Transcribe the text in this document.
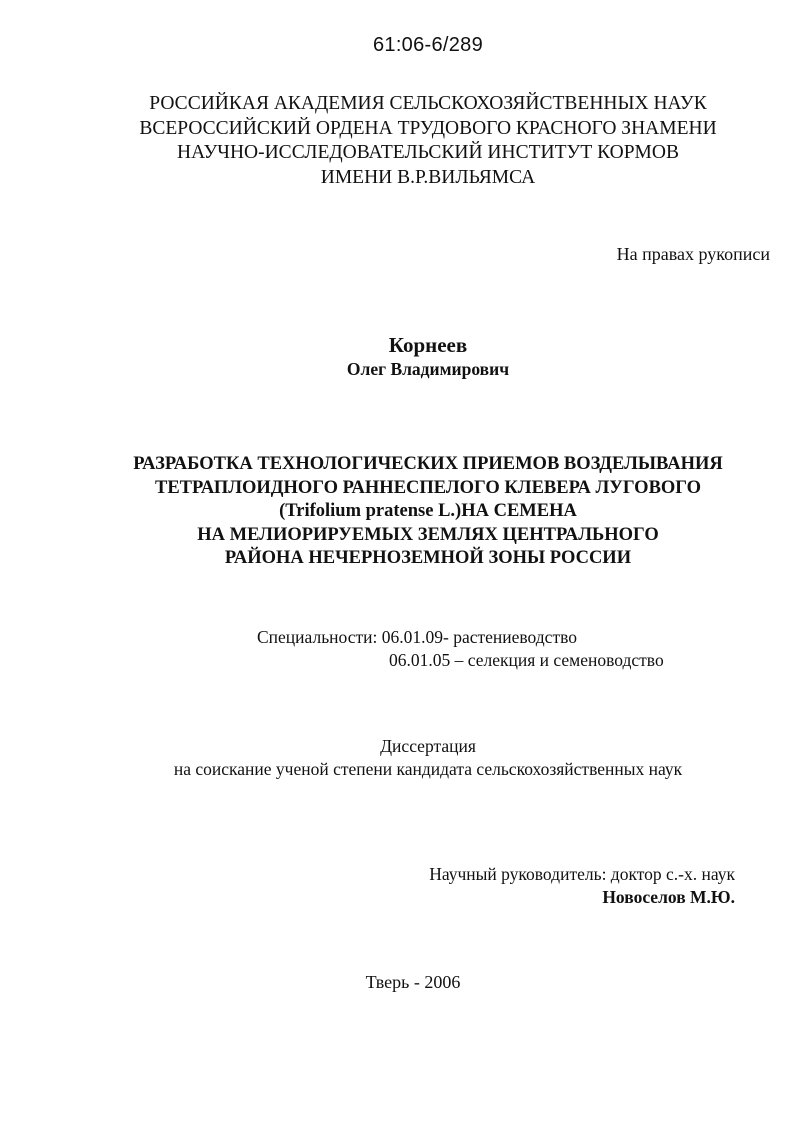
61:06-6/289
РОССИЙКАЯ АКАДЕМИЯ СЕЛЬСКОХОЗЯЙСТВЕННЫХ НАУК
ВСЕРОССИЙСКИЙ ОРДЕНА ТРУДОВОГО КРАСНОГО ЗНАМЕНИ
НАУЧНО-ИССЛЕДОВАТЕЛЬСКИЙ ИНСТИТУТ КОРМОВ
ИМЕНИ В.Р.ВИЛЬЯМСА
На правах рукописи
Корнеев
Олег Владимирович
РАЗРАБОТКА ТЕХНОЛОГИЧЕСКИХ ПРИЕМОВ ВОЗДЕЛЫВАНИЯ
ТЕТРАПЛОИДНОГО РАННЕСПЕЛОГО КЛЕВЕРА ЛУГОВОГО
(Trifolium pratense L.)НА СЕМЕНА
НА МЕЛИОРИРУЕМЫХ ЗЕМЛЯХ ЦЕНТРАЛЬНОГО
РАЙОНА НЕЧЕРНОЗЕМНОЙ ЗОНЫ РОССИИ
Специальности: 06.01.09- растениеводство
06.01.05 – селекция и семеноводство
Диссертация
на соискание ученой степени кандидата сельскохозяйственных наук
Научный руководитель: доктор с.-х. наук
Новоселов М.Ю.
Тверь - 2006
